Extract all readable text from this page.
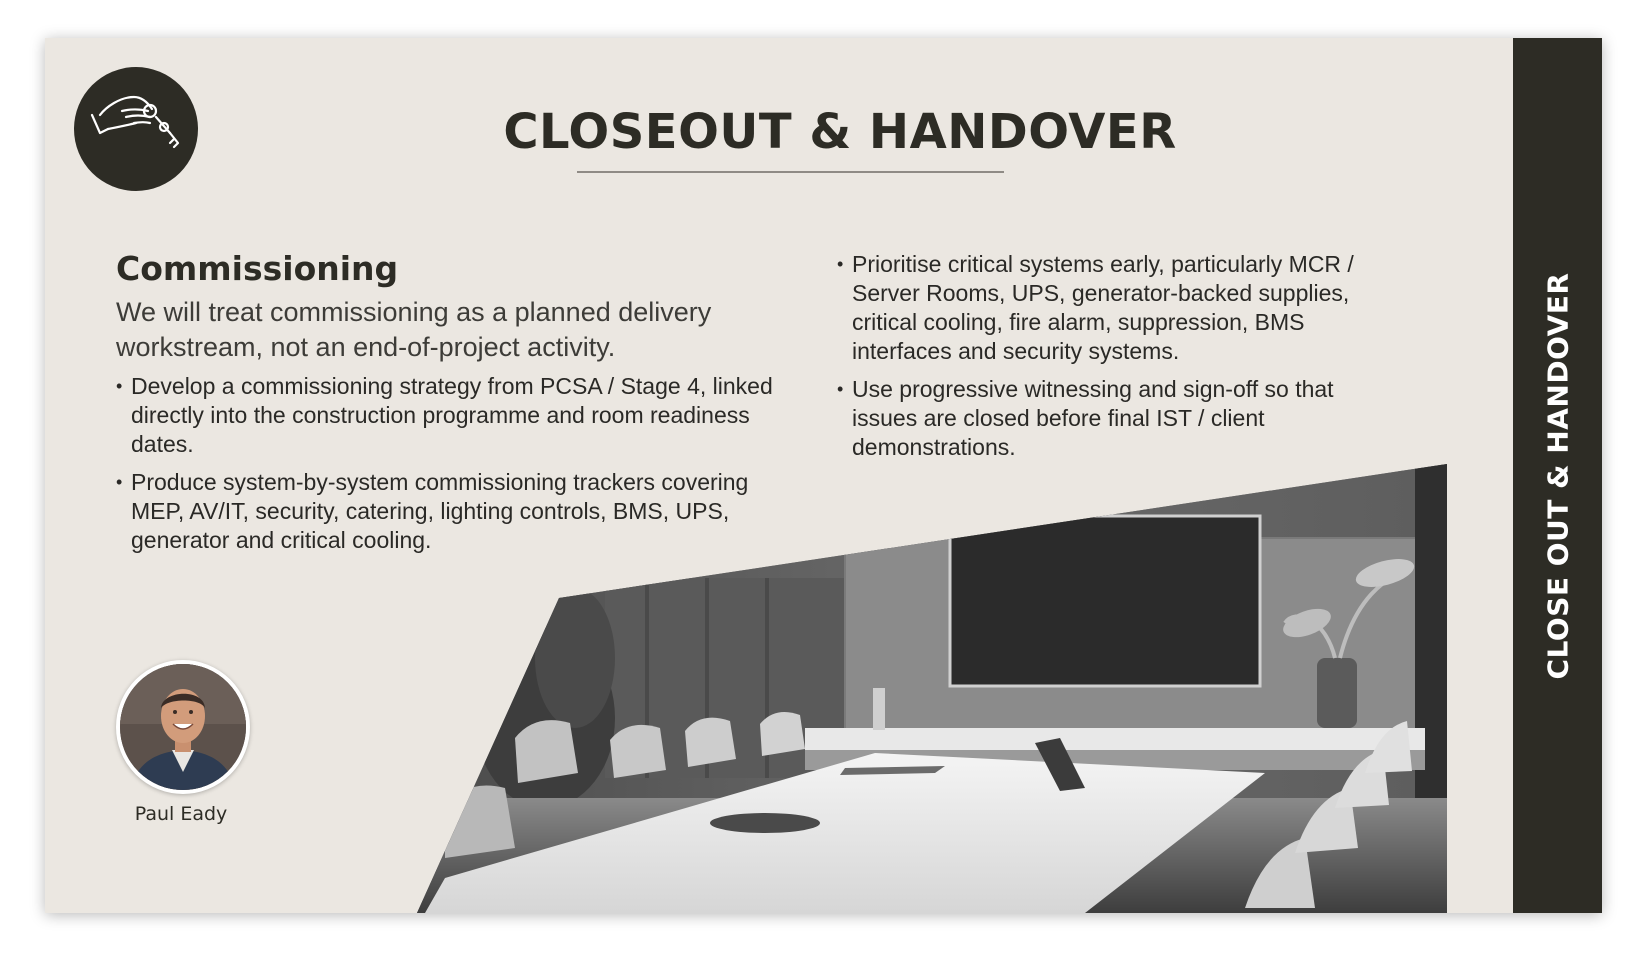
CLOSEOUT & HANDOVER
Commissioning
We will treat commissioning as a planned delivery workstream, not an end-of-project activity.
• Develop a commissioning strategy from PCSA / Stage 4, linked directly into the construction programme and room readiness dates.
• Produce system-by-system commissioning trackers covering MEP, AV/IT, security, catering, lighting controls, BMS, UPS, generator and critical cooling.
• Prioritise critical systems early, particularly MCR / Server Rooms, UPS, generator-backed supplies, critical cooling, fire alarm, suppression, BMS interfaces and security systems.
• Use progressive witnessing and sign-off so that issues are closed before final IST / client demonstrations.
Paul Eady
CLOSE OUT & HANDOVER
